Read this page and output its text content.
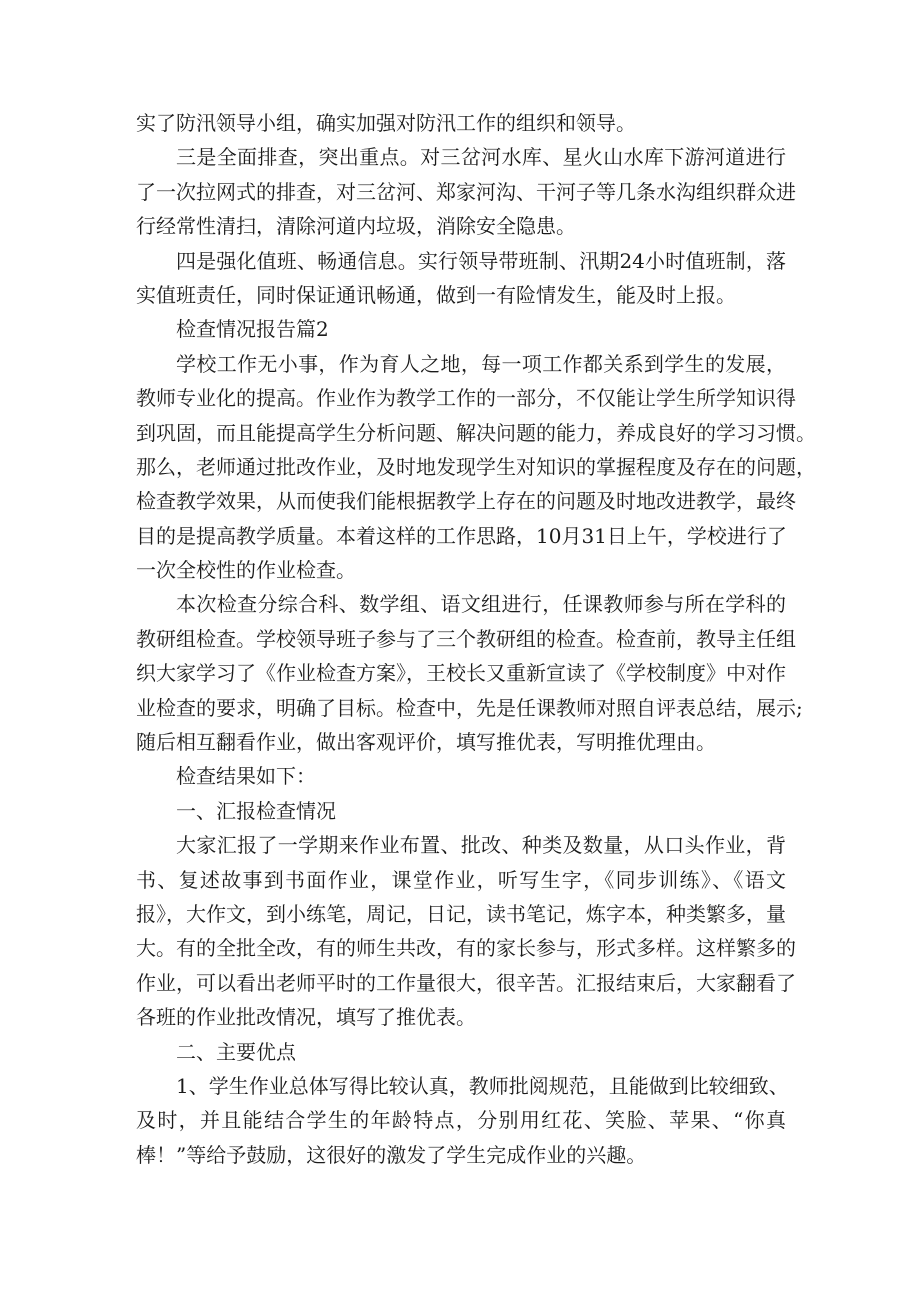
实了防汛领导小组，确实加强对防汛工作的组织和领导。
三是全面排查，突出重点。对三岔河水库、星火山水库下游河道进行
了一次拉网式的排查，对三岔河、郑家河沟、干河子等几条水沟组织群众进
行经常性清扫，清除河道内垃圾，消除安全隐患。
四是强化值班、畅通信息。实行领导带班制、汛期24小时值班制，落
实值班责任，同时保证通讯畅通，做到一有险情发生，能及时上报。
检查情况报告篇2
学校工作无小事，作为育人之地，每一项工作都关系到学生的发展，
教师专业化的提高。作业作为教学工作的一部分，不仅能让学生所学知识得
到巩固，而且能提高学生分析问题、解决问题的能力，养成良好的学习习惯。
那么，老师通过批改作业，及时地发现学生对知识的掌握程度及存在的问题，
检查教学效果，从而使我们能根据教学上存在的问题及时地改进教学，最终
目的是提高教学质量。本着这样的工作思路，10月31日上午，学校进行了
一次全校性的作业检查。
本次检查分综合科、数学组、语文组进行，任课教师参与所在学科的
教研组检查。学校领导班子参与了三个教研组的检查。检查前，教导主任组
织大家学习了《作业检查方案》，王校长又重新宣读了《学校制度》中对作
业检查的要求，明确了目标。检查中，先是任课教师对照自评表总结，展示;
随后相互翻看作业，做出客观评价，填写推优表，写明推优理由。
检查结果如下：
一、汇报检查情况
大家汇报了一学期来作业布置、批改、种类及数量，从口头作业，背
书、复述故事到书面作业，课堂作业，听写生字，《同步训练》、《语文
报》，大作文，到小练笔，周记，日记，读书笔记，炼字本，种类繁多，量
大。有的全批全改，有的师生共改，有的家长参与，形式多样。这样繁多的
作业，可以看出老师平时的工作量很大，很辛苦。汇报结束后，大家翻看了
各班的作业批改情况，填写了推优表。
二、主要优点
1、学生作业总体写得比较认真，教师批阅规范，且能做到比较细致、
及时，并且能结合学生的年龄特点，分别用红花、笑脸、苹果、“你真
棒！”等给予鼓励，这很好的激发了学生完成作业的兴趣。
